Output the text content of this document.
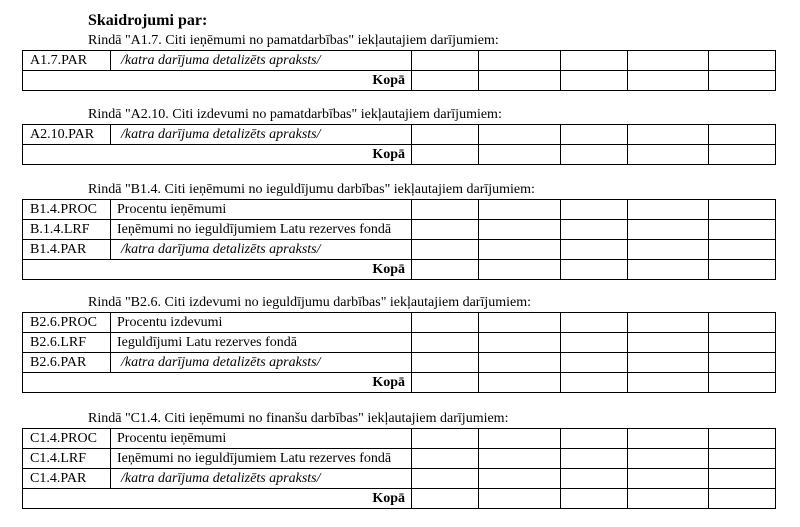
Skaidrojumi par:

Rindā "A1.7. Citi ieņēmumi no pamatdarbības" iekļautajiem darījumiem:

A1.7.PAR	/katra darījuma detalizēts apraksts/						
Kopā							

Rindā "A2.10. Citi izdevumi no pamatdarbības" iekļautajiem darījumiem:

A2.10.PAR	/katra darījuma detalizēts apraksts/						
Kopā							

Rindā "B1.4. Citi ieņēmumi no ieguldījumu darbības" iekļautajiem darījumiem:

B1.4.PROC	Procentu ieņēmumi						
B.1.4.LRF	Ieņēmumi no ieguldījumiem Latu rezerves fondā						
B1.4.PAR	/katra darījuma detalizēts apraksts/						
Kopā							

Rindā "B2.6. Citi izdevumi no ieguldījumu darbības" iekļautajiem darījumiem:

B2.6.PROC	Procentu izdevumi						
B2.6.LRF	Ieguldījumi Latu rezerves fondā						
B2.6.PAR	/katra darījuma detalizēts apraksts/						
Kopā							

Rindā "C1.4. Citi ieņēmumi no finanšu darbības" iekļautajiem darījumiem:

C1.4.PROC	Procentu ieņēmumi						
C1.4.LRF	Ieņēmumi no ieguldījumiem Latu rezerves fondā						
C1.4.PAR	/katra darījuma detalizēts apraksts/						
Kopā							
